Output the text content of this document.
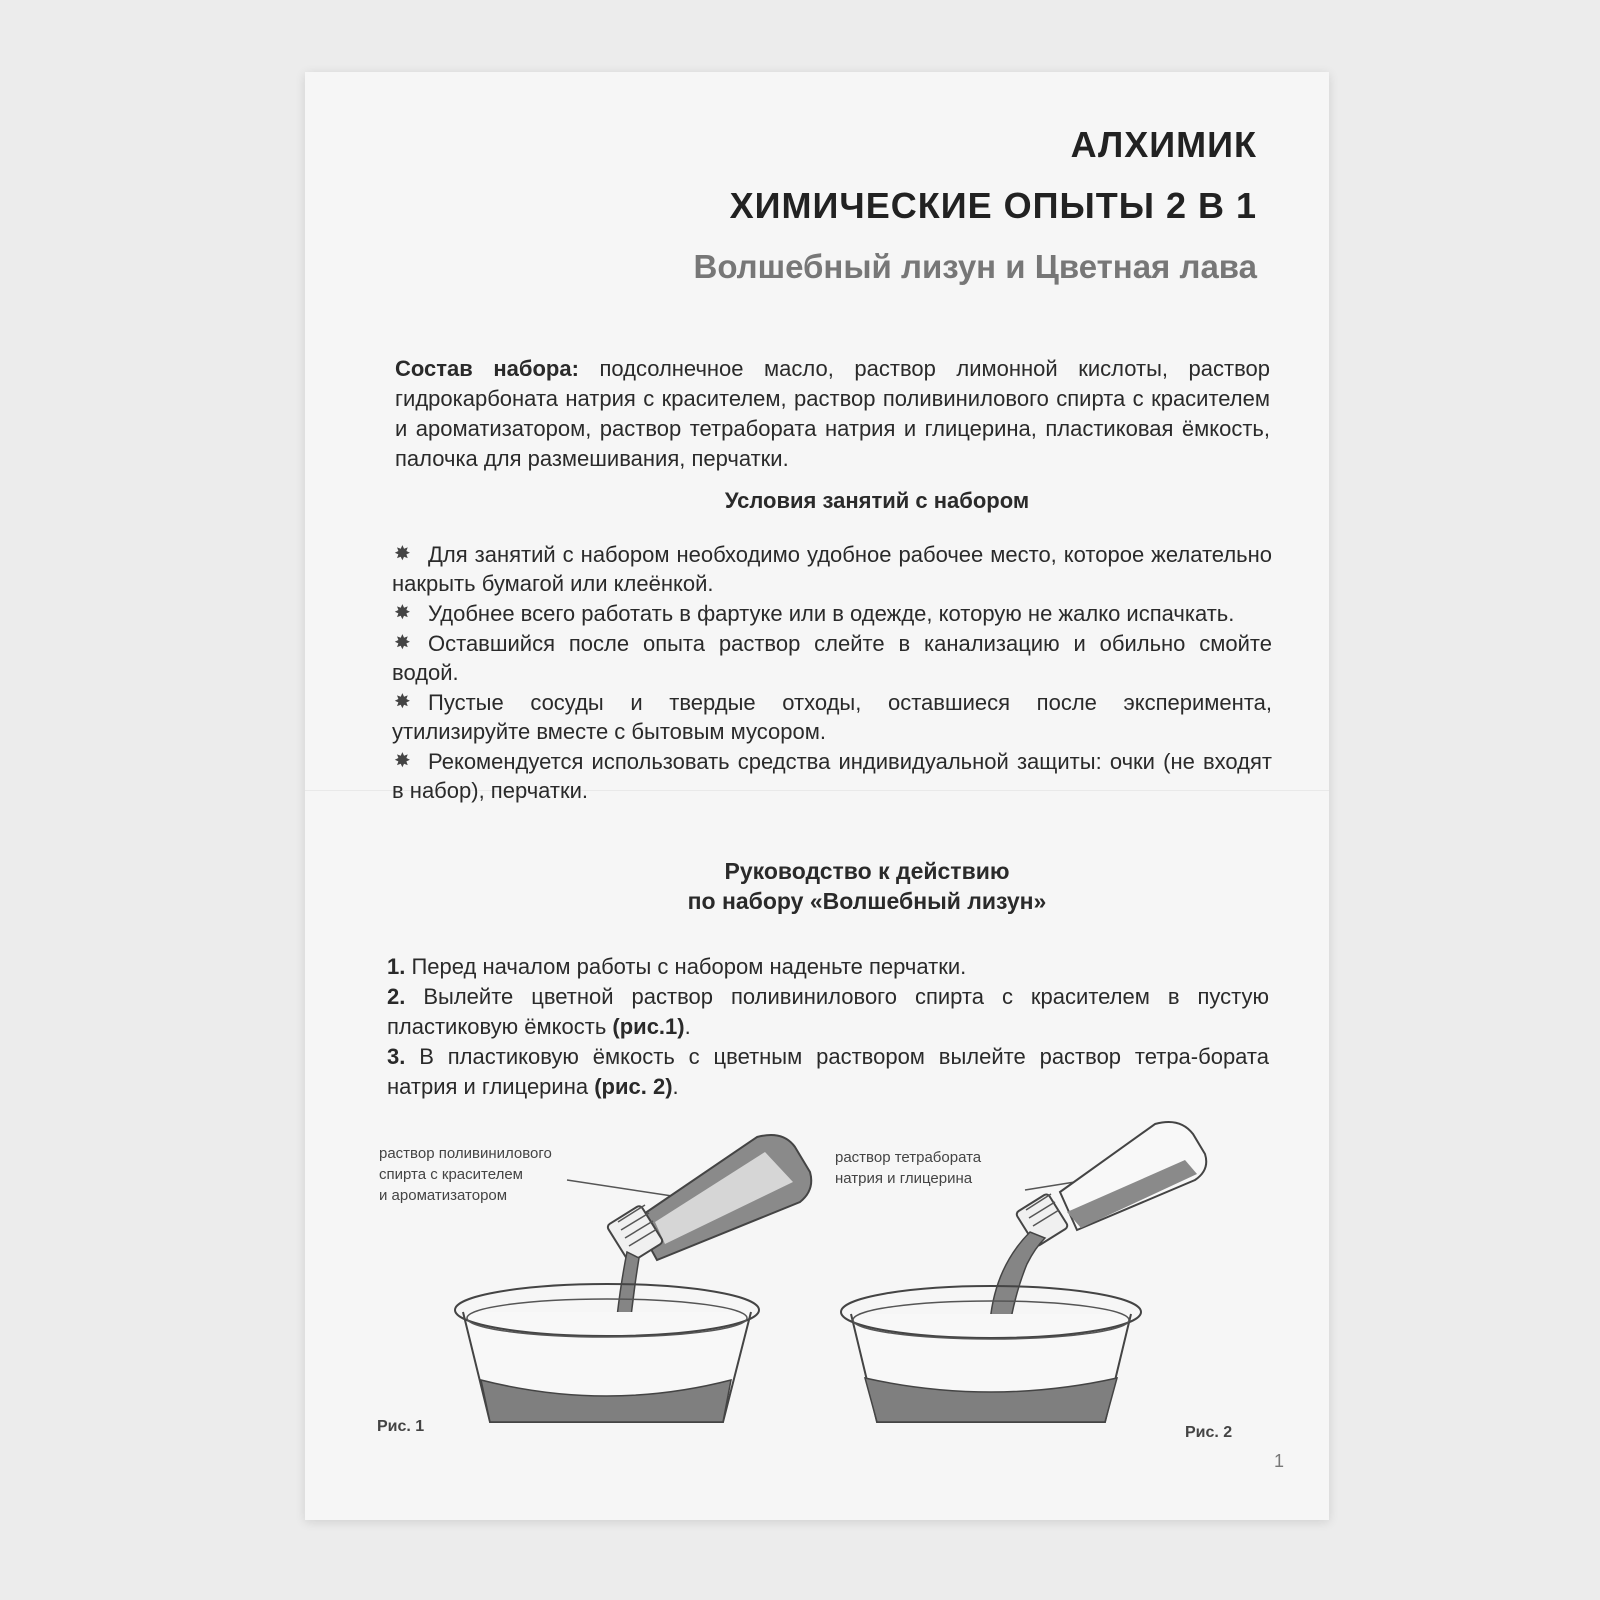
АЛХИМИК
ХИМИЧЕСКИЕ ОПЫТЫ 2 В 1
Волшебный лизун и Цветная лава

Состав набора: подсолнечное масло, раствор лимонной кислоты, раствор гидрокарбоната натрия с красителем, раствор поливинилового спирта с красителем и ароматизатором, раствор тетрабората натрия и глицерина, пластиковая ёмкость, палочка для размешивания, перчатки.

Условия занятий с набором
✸ Для занятий с набором необходимо удобное рабочее место, которое желательно накрыть бумагой или клеёнкой.
✸ Удобнее всего работать в фартуке или в одежде, которую не жалко испачкать.
✸ Оставшийся после опыта раствор слейте в канализацию и обильно смойте водой.
✸ Пустые сосуды и твердые отходы, оставшиеся после эксперимента, утилизируйте вместе с бытовым мусором.
✸ Рекомендуется использовать средства индивидуальной защиты: очки (не входят в набор), перчатки.
Руководство к действию
по набору «Волшебный лизун»
1. Перед началом работы с набором наденьте перчатки.
2. Вылейте цветной раствор поливинилового спирта с красителем в пустую пластиковую ёмкость (рис.1).
3. В пластиковую ёмкость с цветным раствором вылейте раствор тетра-бората натрия и глицерина (рис. 2).
раствор поливинилового
спирта с красителем
и ароматизатором
раствор тетрабората
натрия и глицерина
Рис. 1	Рис. 2
1
